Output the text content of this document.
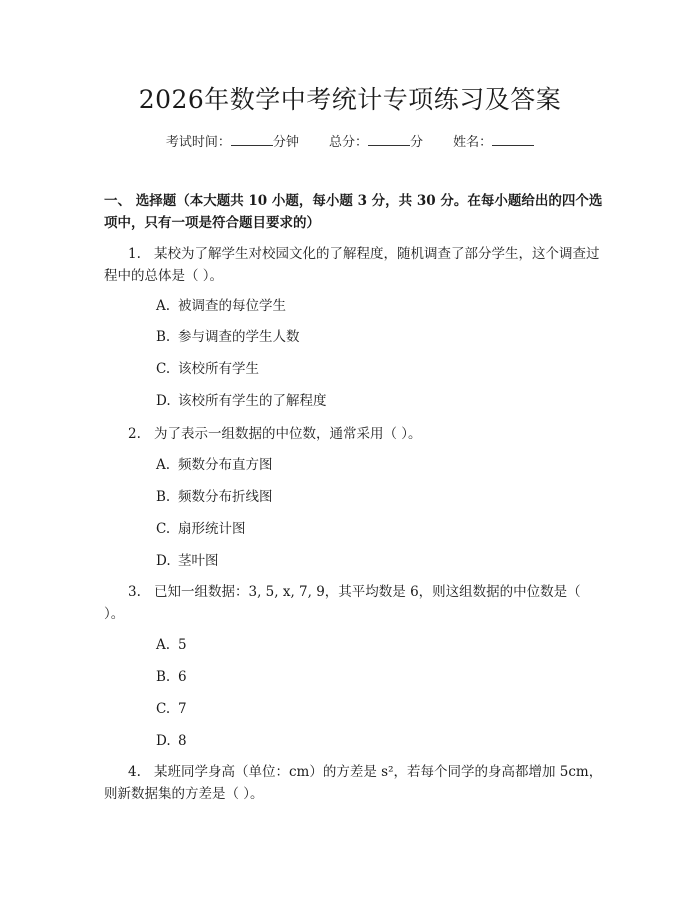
2026年数学中考统计专项练习及答案
考试时间：	分钟 总分：	分 姓名：
一、 选择题（本大题共 10 小题，每小题 3 分，共 30 分。在每小题给出的四个选项中，只有一项是符合题目要求的）
1. 某校为了解学生对校园文化的了解程度，随机调查了部分学生，这个调查过程中的总体是（ ）。
A. 被调查的每位学生
B. 参与调查的学生人数
C. 该校所有学生
D. 该校所有学生的了解程度
2. 为了表示一组数据的中位数，通常采用（ ）。
A. 频数分布直方图
B. 频数分布折线图
C. 扇形统计图
D. 茎叶图
3. 已知一组数据：3, 5, x, 7, 9，其平均数是 6，则这组数据的中位数是（ ）。
A. 5
B. 6
C. 7
D. 8
4. 某班同学身高（单位：cm）的方差是 s²，若每个同学的身高都增加 5cm，则新数据集的方差是（ ）。
